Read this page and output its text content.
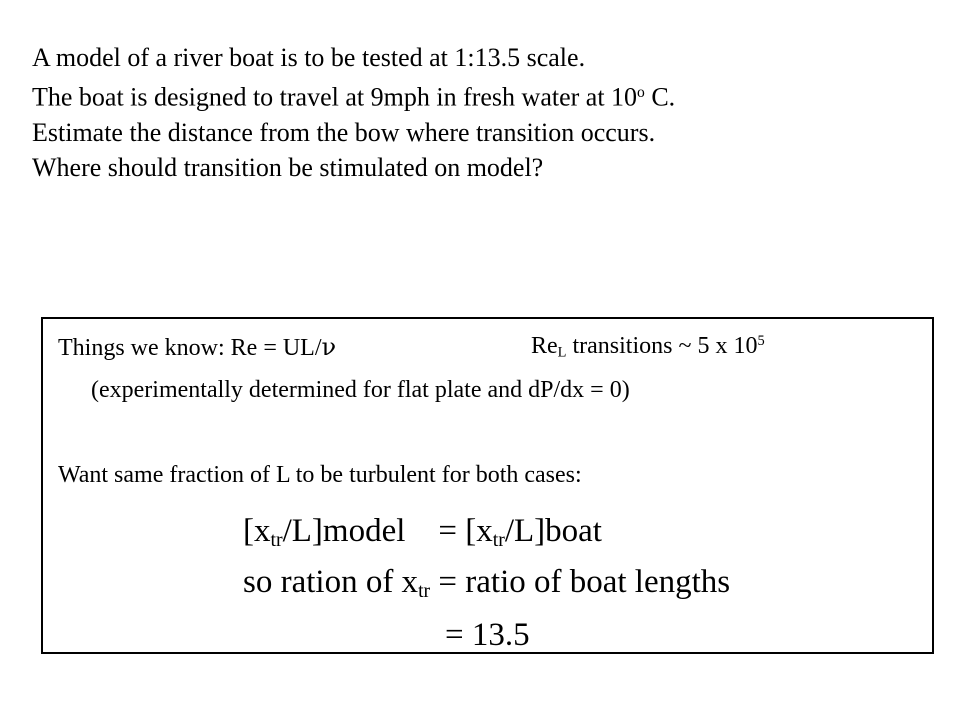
A model of a river boat is to be tested at 1:13.5 scale.
The boat is designed to travel at 9mph in fresh water at 10$^o$ C.
Estimate the distance from the bow where transition occurs.
Where should transition be stimulated on model?
Things we know: Re = UL/ν	$Re_L$ transitions ~ 5 x $10^5$
(experimentally determined for flat plate and dP/dx = 0)
Want same fraction of L to be turbulent for both cases:
$[x_{tr}/L]model$    = $[x_{tr}/L]boat$
so ration of $x_{tr}$ = ratio of boat lengths
= 13.5
